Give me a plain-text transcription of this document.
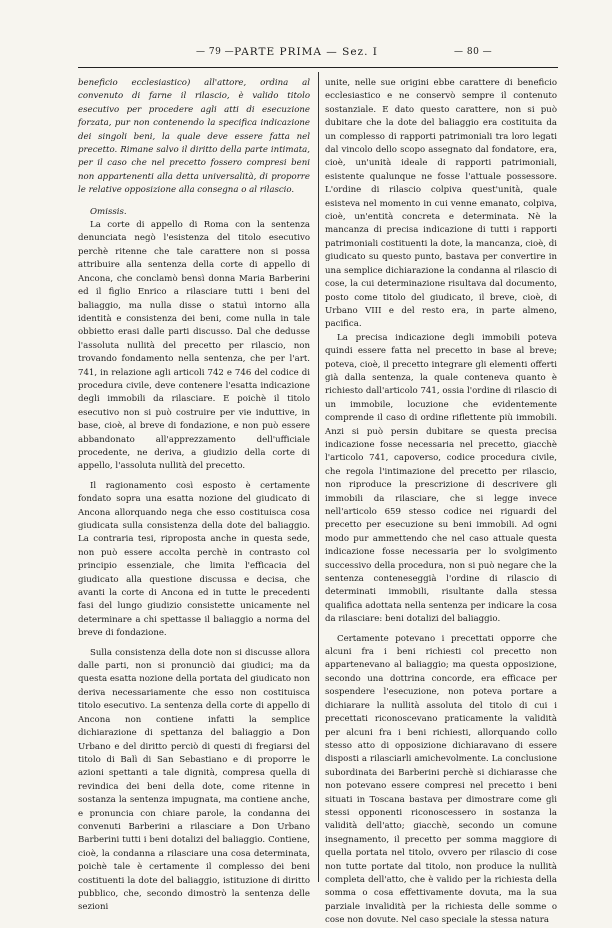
— 79 — PARTE PRIMA — Sez. I	— 80 —

beneficio ecclesiastico) all'attore, ordina al convenuto di farne il rilascio, è valido titolo esecutivo per procedere agli atti di esecuzione forzata, pur non contenendo la specifica indicazione dei singoli beni, la quale deve essere fatta nel precetto. Rimane salvo il diritto della parte intimata, per il caso che nel precetto fossero compresi beni non appartenenti alla detta universalità, di proporre le relative opposizione alla consegna o al rilascio.

Omissis.

La corte di appello di Roma con la sentenza denunciata negò l'esistenza del titolo esecutivo perchè ritenne che tale carattere non si possa attribuire alla sentenza della corte di appello di Ancona, che conclamò bensì donna Maria Barberini ed il figlio Enrico a rilasciare tutti i beni del baliaggio, ma nulla disse o statuì intorno alla identità e consistenza dei beni, come nulla in tale obbietto erasi dalle parti discusso. Dal che dedusse l'assoluta nullità del precetto per rilascio, non trovando fondamento nella sentenza, che per l'art. 741, in relazione agli articoli 742 e 746 del codice di procedura civile, deve contenere l'esatta indicazione degli immobili da rilasciare. E poichè il titolo esecutivo non si può costruire per vie induttive, in base, cioè, al breve di fondazione, e non può essere abbandonato all'apprezzamento dell'ufficiale procedente, ne deriva, a giudizio della corte di appello, l'assoluta nullità del precetto.

Il ragionamento così esposto è certamente fondato sopra una esatta nozione del giudicato di Ancona allorquando nega che esso costituisca cosa giudicata sulla consistenza della dote del baliaggio. La contraria tesi, riproposta anche in questa sede, non può essere accolta perchè in contrasto col principio essenziale, che limita l'efficacia del giudicato alla questione discussa e decisa, che avanti la corte di Ancona ed in tutte le precedenti fasi del lungo giudizio consistette unicamente nel determinare a chi spettasse il baliaggio a norma del breve di fondazione.

Sulla consistenza della dote non si discusse allora dalle parti, non si pronunciò dai giudici; ma da questa esatta nozione della portata del giudicato non deriva necessariamente che esso non costituisca titolo esecutivo. La sentenza della corte di appello di Ancona non contiene infatti la semplice dichiarazione di spettanza del baliaggio a Don Urbano e del diritto perciò di questi di fregiarsi del titolo di Balì di San Sebastiano e di proporre le azioni spettanti a tale dignità, compresa quella di revindica dei beni della dote, come ritenne in sostanza la sentenza impugnata, ma contiene anche, e pronuncia con chiare parole, la condanna dei convenuti Barberini a rilasciare a Don Urbano Barberini tutti i beni dotalizi del baliaggio. Contiene, cioè, la condanna a rilasciare una cosa determinata, poichè tale è certamente il complesso dei beni costituenti la dote del baliaggio, istituzione di diritto pubblico, che, secondo dimostrò la sentenza delle sezioni

unite, nelle sue origini ebbe carattere di beneficio ecclesiastico e ne conservò sempre il contenuto sostanziale. E dato questo carattere, non si può dubitare che la dote del baliaggio era costituita da un complesso di rapporti patrimoniali tra loro legati dal vincolo dello scopo assegnato dal fondatore, era, cioè, un'unità ideale di rapporti patrimoniali, esistente qualunque ne fosse l'attuale possessore. L'ordine di rilascio colpiva quest'unità, quale esisteva nel momento in cui venne emanato, colpiva, cioè, un'entità concreta e determinata. Nè la mancanza di precisa indicazione di tutti i rapporti patrimoniali costituenti la dote, la mancanza, cioè, di giudicato su questo punto, bastava per convertire in una semplice dichiarazione la condanna al rilascio di cose, la cui determinazione risultava dal documento, posto come titolo del giudicato, il breve, cioè, di Urbano VIII e del resto era, in parte almeno, pacifica.

La precisa indicazione degli immobili poteva quindi essere fatta nel precetto in base al breve; poteva, cioè, il precetto integrare gli elementi offerti già dalla sentenza, la quale conteneva quanto è richiesto dall'articolo 741, ossia l'ordine di rilascio di un immobile, locuzione che evidentemente comprende il caso di ordine riflettente più immobili. Anzi si può persin dubitare se questa precisa indicazione fosse necessaria nel precetto, giacchè l'articolo 741, capoverso, codice procedura civile, che regola l'intimazione del precetto per rilascio, non riproduce la prescrizione di descrivere gli immobili da rilasciare, che si legge invece nell'articolo 659 stesso codice nei riguardi del precetto per esecuzione su beni immobili. Ad ogni modo pur ammettendo che nel caso attuale questa indicazione fosse necessaria per lo svolgimento successivo della procedura, non si può negare che la sentenza conteneseggià l'ordine di rilascio di determinati immobili, risultante dalla stessa qualifica adottata nella sentenza per indicare la cosa da rilasciare: beni dotalizi del baliaggio.

Certamente potevano i precettati opporre che alcuni fra i beni richiesti col precetto non appartenevano al baliaggio; ma questa opposizione, secondo una dottrina concorde, era efficace per sospendere l'esecuzione, non poteva portare a dichiarare la nullità assoluta del titolo di cui i precettati riconoscevano praticamente la validità per alcuni fra i beni richiesti, allorquando collo stesso atto di opposizione dichiaravano di essere disposti a rilasciarli amichevolmente. La conclusione subordinata dei Barberini perchè si dichiarasse che non potevano essere compresi nel precetto i beni situati in Toscana bastava per dimostrare come gli stessi opponenti riconoscessero in sostanza la validità dell'atto; giacchè, secondo un comune insegnamento, il precetto per somma maggiore di quella portata nel titolo, ovvero per rilascio di cose non tutte portate dal titolo, non produce la nullità completa dell'atto, che è valido per la richiesta della somma o cosa effettivamente dovuta, ma la sua parziale invalidità per la richiesta delle somme o cose non dovute. Nel caso speciale la stessa natura
